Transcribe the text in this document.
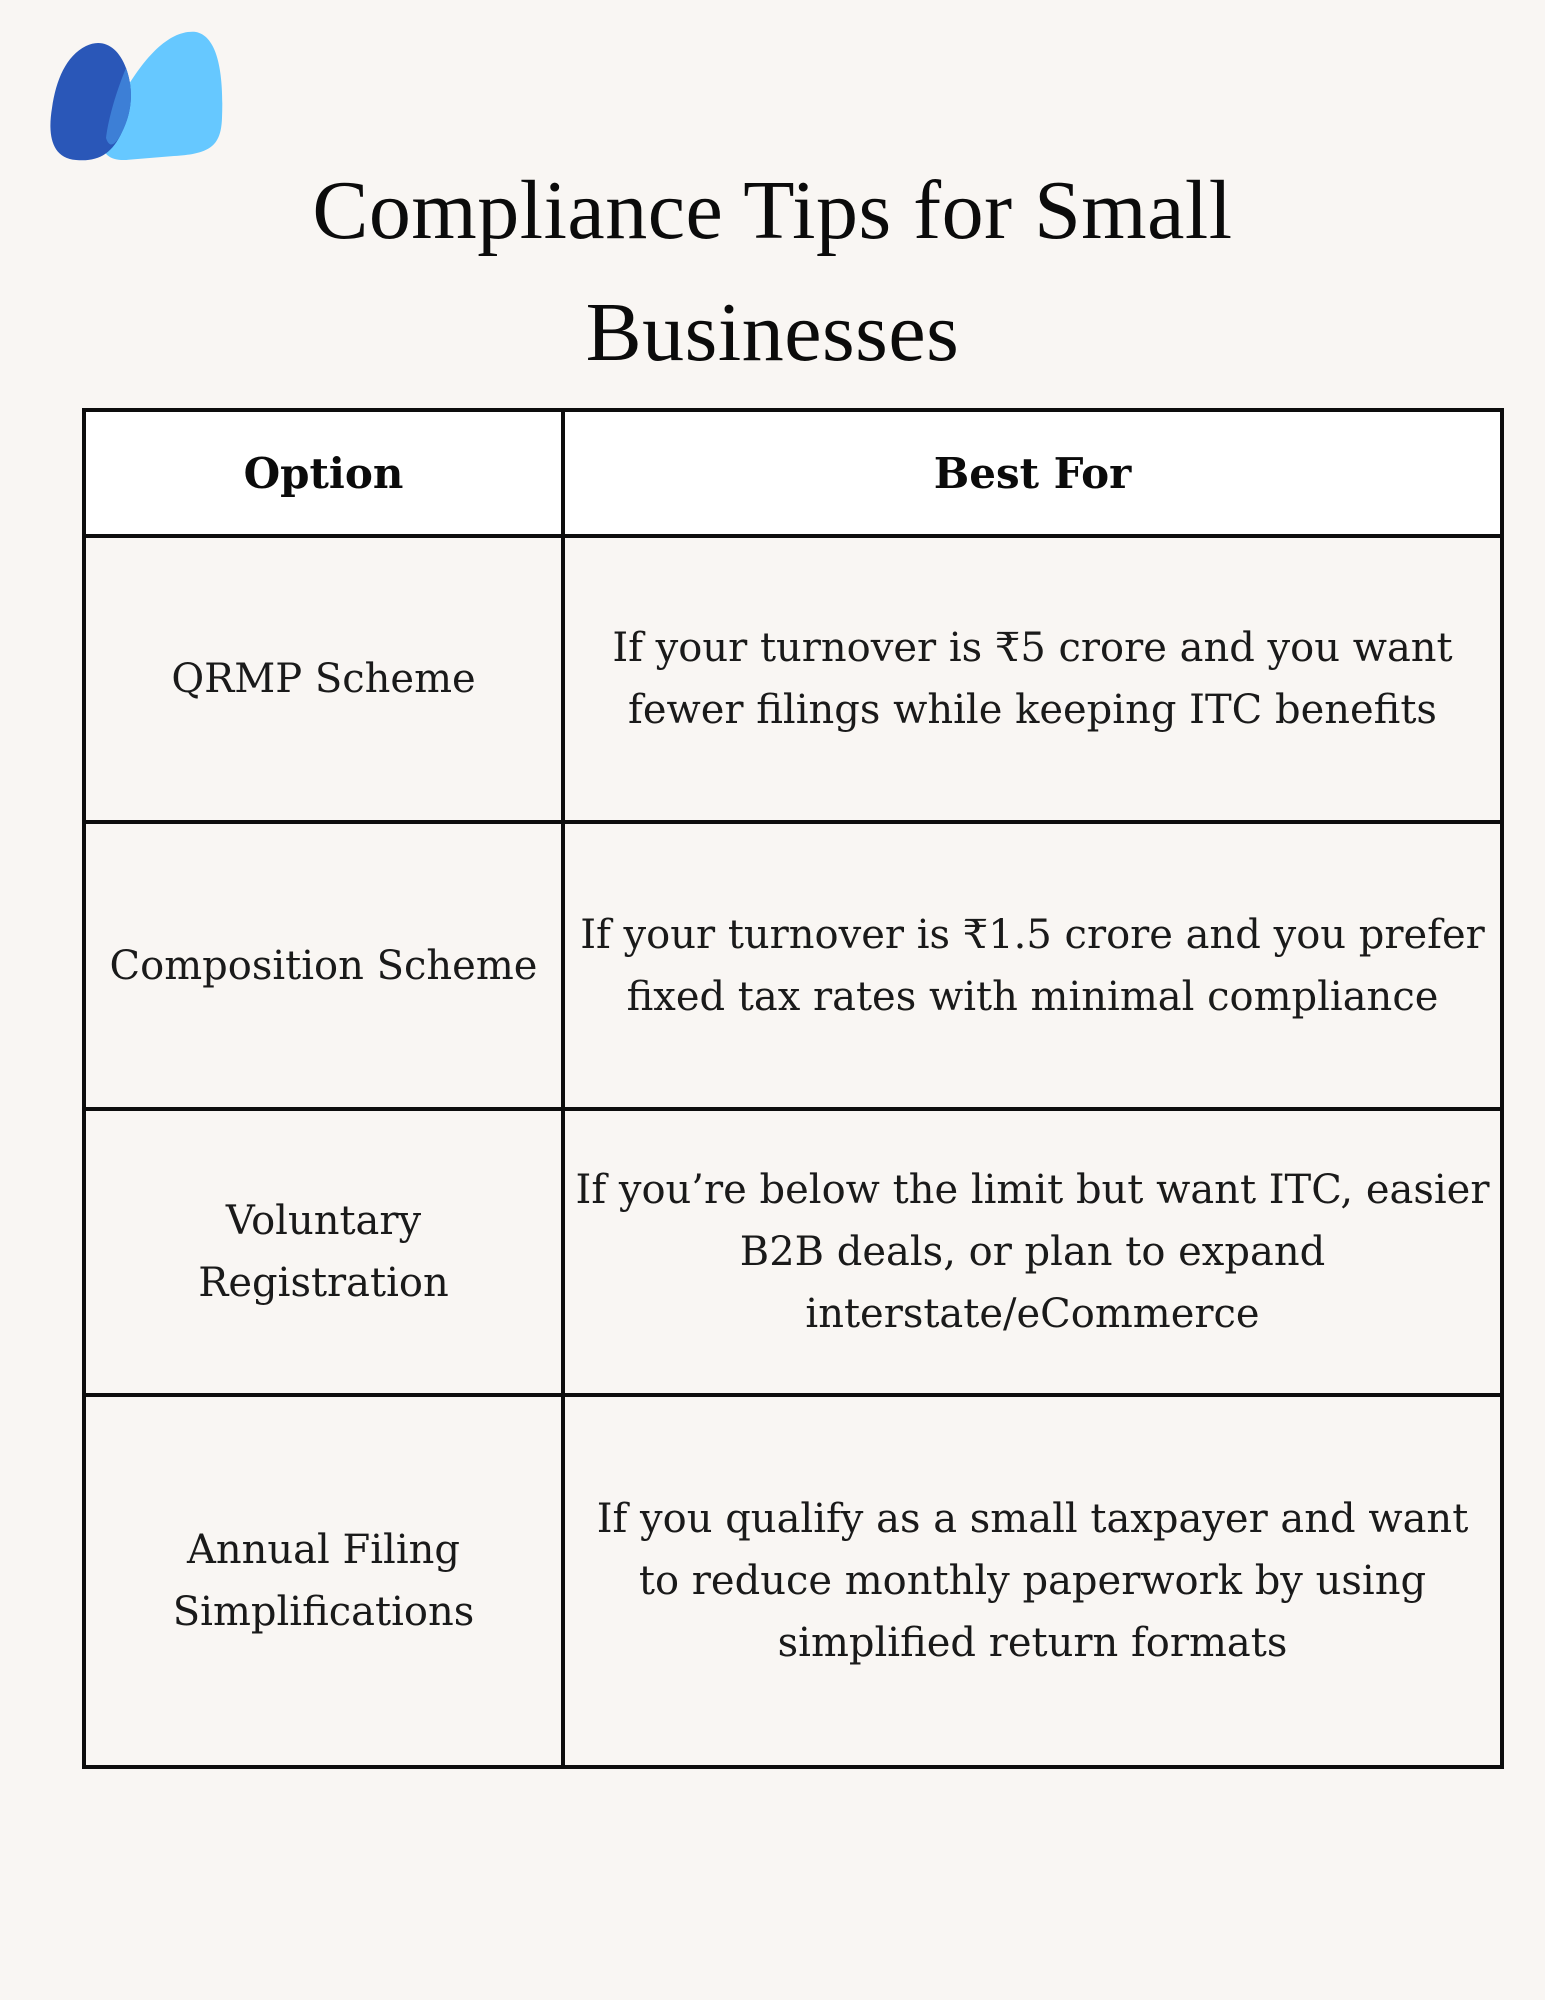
Compliance Tips for Small
Businesses
Option	Best For
QRMP Scheme	If your turnover is ₹5 crore and you want fewer filings while keeping ITC benefits
Composition Scheme	If your turnover is ₹1.5 crore and you prefer fixed tax rates with minimal compliance
Voluntary Registration	If you’re below the limit but want ITC, easier B2B deals, or plan to expand interstate/eCommerce
Annual Filing Simplifications	If you qualify as a small taxpayer and want to reduce monthly paperwork by using simplified return formats
